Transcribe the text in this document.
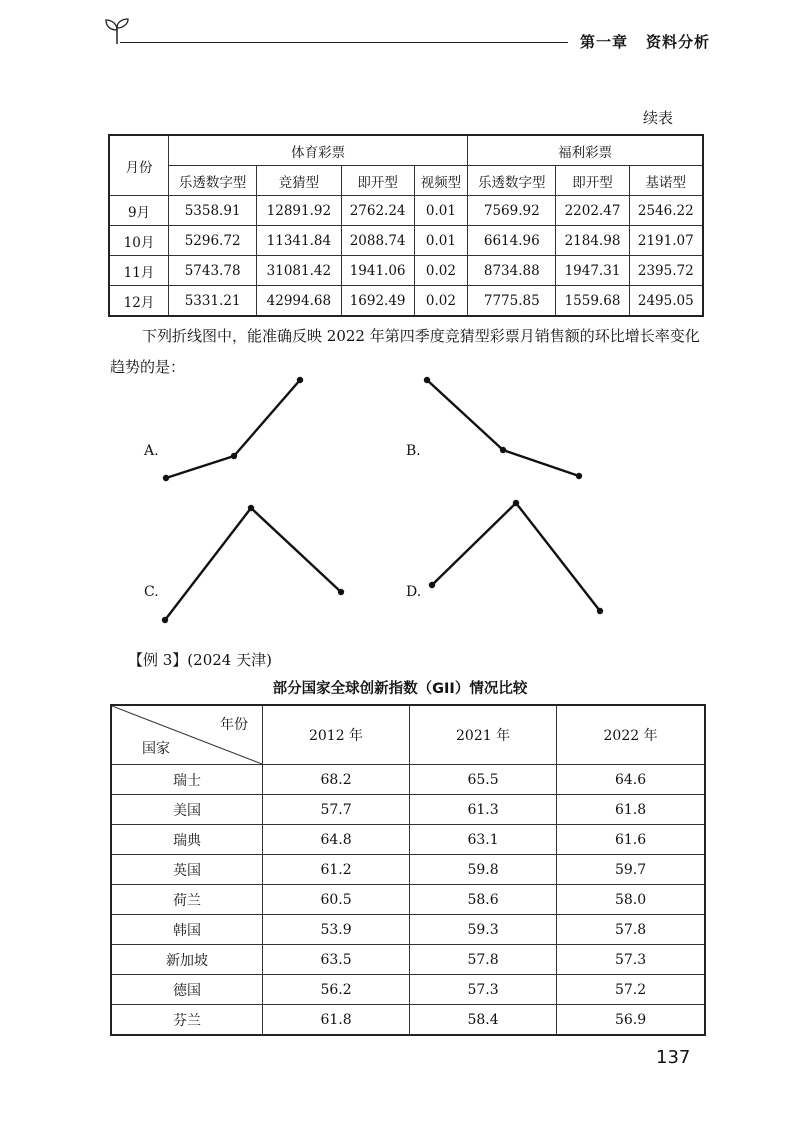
第一章 资料分析
续表
月份	体育彩票				福利彩票		
	乐透数字型	竞猜型	即开型	视频型	乐透数字型	即开型	基诺型
9月	5358.91	12891.92	2762.24	0.01	7569.92	2202.47	2546.22
10月	5296.72	11341.84	2088.74	0.01	6614.96	2184.98	2191.07
11月	5743.78	31081.42	1941.06	0.02	8734.88	1947.31	2395.72
12月	5331.21	42994.68	1692.49	0.02	7775.85	1559.68	2495.05
下列折线图中，能准确反映 2022 年第四季度竞猜型彩票月销售额的环比增长率变化趋势的是：
A.	B.
C.	D.
【例 3】(2024 天津)
部分国家全球创新指数（GII）情况比较
年份
国家	2012 年	2021 年	2022 年
瑞士	68.2	65.5	64.6
美国	57.7	61.3	61.8
瑞典	64.8	63.1	61.6
英国	61.2	59.8	59.7
荷兰	60.5	58.6	58.0
韩国	53.9	59.3	57.8
新加坡	63.5	57.8	57.3
德国	56.2	57.3	57.2
芬兰	61.8	58.4	56.9
137
